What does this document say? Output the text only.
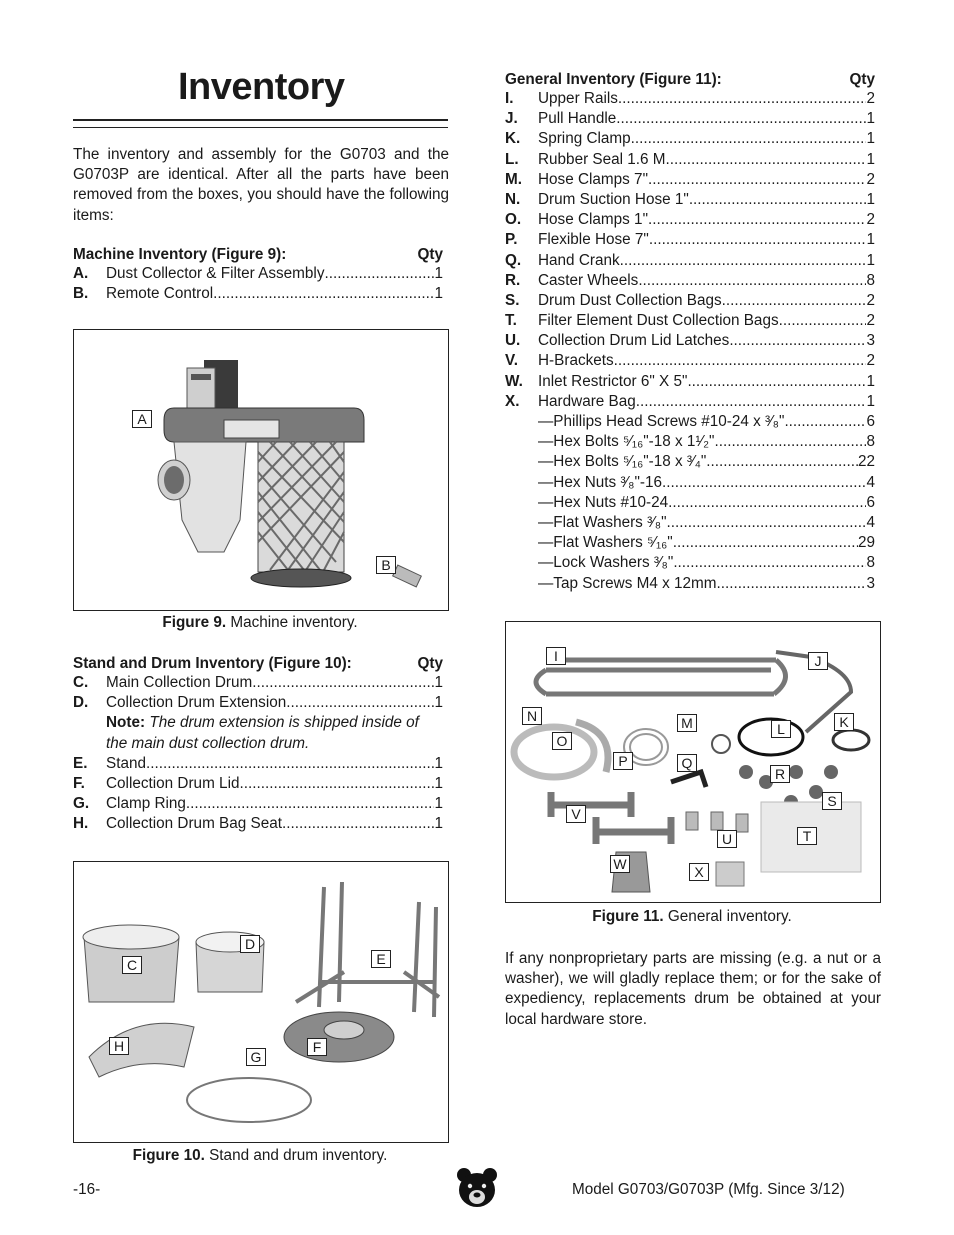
Inventory
The inventory and assembly for the G0703 and the G0703P are identical. After all the parts have been removed from the boxes, you should have the following items:
Machine Inventory (Figure 9):	Qty
A.	Dust Collector & Filter Assembly .....	1
B.	Remote Control .....	1
A
B
Figure 9. Machine inventory.
Stand and Drum Inventory (Figure 10):	Qty
C.	Main Collection Drum .....	1
D.	Collection Drum Extension .....	1
Note: The drum extension is shipped inside of the main dust collection drum.
E.	Stand .....	1
F.	Collection Drum Lid .....	1
G.	Clamp Ring .....	1
H.	Collection Drum Bag Seat .....	1
C
D
E
H
G
F
Figure 10. Stand and drum inventory.
General Inventory (Figure 11):	Qty
I.	Upper Rails .....	2
J.	Pull Handle .....	1
K.	Spring Clamp .....	1
L.	Rubber Seal 1.6 M .....	1
M.	Hose Clamps 7" .....	2
N.	Drum Suction Hose 1" .....	1
O.	Hose Clamps 1" .....	2
P.	Flexible Hose 7" .....	1
Q.	Hand Crank .....	1
R.	Caster Wheels .....	8
S.	Drum Dust Collection Bags .....	2
T.	Filter Element Dust Collection Bags .....	2
U.	Collection Drum Lid Latches .....	3
V.	H-Brackets .....	2
W. Inlet Restrictor 6" X 5" .....	1
X.	Hardware Bag .....	1
—Phillips Head Screws #10-24 x ³⁄₈" .....	6
—Hex Bolts ⁵⁄₁₆"-18 x 1¹⁄₂" .....	8
—Hex Bolts ⁵⁄₁₆"-18 x ³⁄₄" .....	22
—Hex Nuts ³⁄₈"-16 .....	4
—Hex Nuts #10-24 .....	6
—Flat Washers ³⁄₈" .....	4
—Flat Washers ⁵⁄₁₆" .....	29
—Lock Washers ³⁄₈" .....	8
—Tap Screws M4 x 12mm .....	3
I	J
N	M	L	K
O
P	Q
R
S
V
U	T
W	X
Figure 11. General inventory.
If any nonproprietary parts are missing (e.g. a nut or a washer), we will gladly replace them; or for the sake of expediency, replacements drum be obtained at your local hardware store.
-16-	Model G0703/G0703P (Mfg. Since 3/12)
